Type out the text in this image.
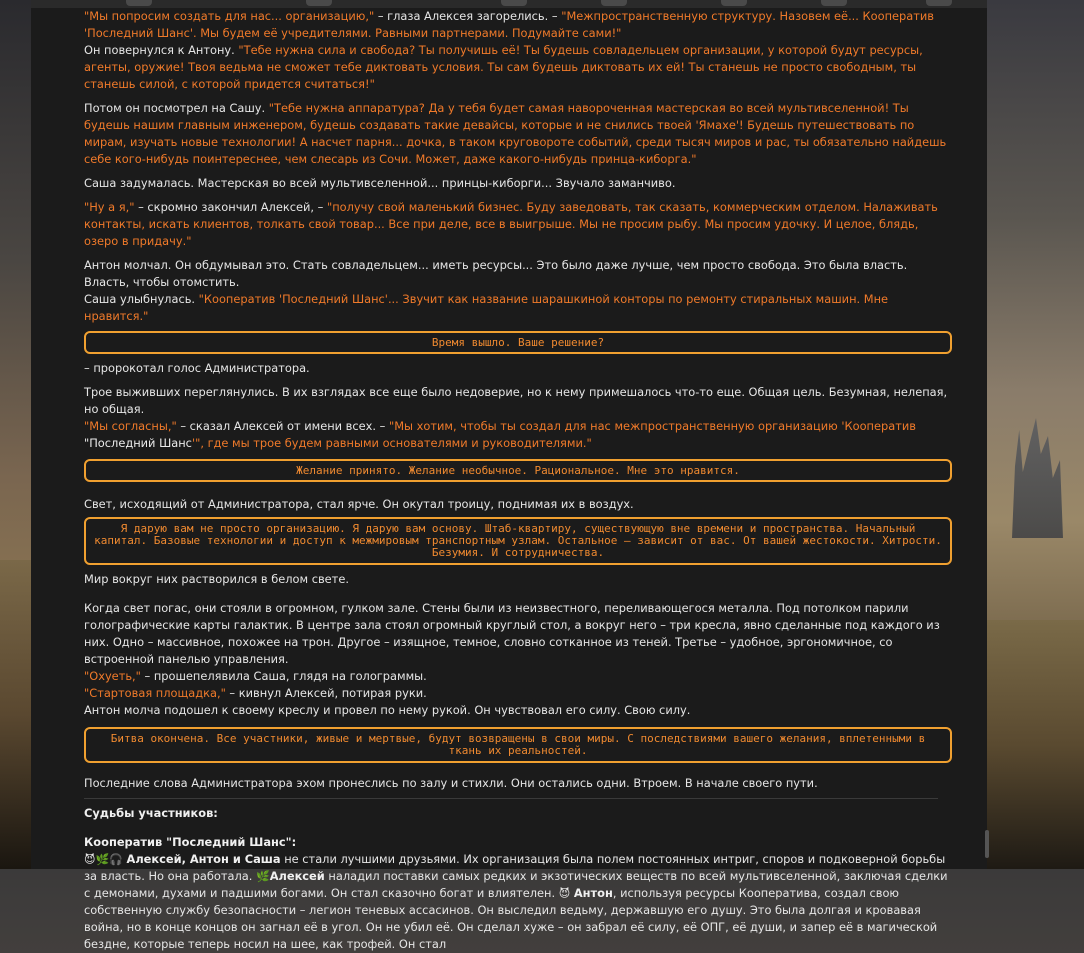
"Мы попросим создать для нас... организацию," – глаза Алексея загорелись. – "Межпространственную структуру. Назовем её... Кооператив 'Последний Шанс'. Мы будем её учредителями. Равными партнерами. Подумайте сами!"

Он повернулся к Антону. "Тебе нужна сила и свобода? Ты получишь её! Ты будешь совладельцем организации, у которой будут ресурсы, агенты, оружие! Твоя ведьма не сможет тебе диктовать условия. Ты сам будешь диктовать их ей! Ты станешь не просто свободным, ты станешь силой, с которой придется считаться!"

Потом он посмотрел на Сашу. "Тебе нужна аппаратура? Да у тебя будет самая навороченная мастерская во всей мультивселенной! Ты будешь нашим главным инженером, будешь создавать такие девайсы, которые и не снились твоей 'Ямахе'! Будешь путешествовать по мирам, изучать новые технологии! А насчет парня... дочка, в таком круговороте событий, среди тысяч миров и рас, ты обязательно найдешь себе кого-нибудь поинтереснее, чем слесарь из Сочи. Может, даже какого-нибудь принца-киборга."

Саша задумалась. Мастерская во всей мультивселенной... принцы-киборги... Звучало заманчиво.

"Ну а я," – скромно закончил Алексей, – "получу свой маленький бизнес. Буду заведовать, так сказать, коммерческим отделом. Налаживать контакты, искать клиентов, толкать свой товар... Все при деле, все в выигрыше. Мы не просим рыбу. Мы просим удочку. И целое, блядь, озеро в придачу."

Антон молчал. Он обдумывал это. Стать совладельцем... иметь ресурсы... Это было даже лучше, чем просто свобода. Это была власть. Власть, чтобы отомстить.

Саша улыбнулась. "Кооператив 'Последний Шанс'... Звучит как название шарашкиной конторы по ремонту стиральных машин. Мне нравится."

Время вышло. Ваше решение?

– пророкотал голос Администратора.

Трое выживших переглянулись. В их взглядах все еще было недоверие, но к нему примешалось что-то еще. Общая цель. Безумная, нелепая, но общая.

"Мы согласны," – сказал Алексей от имени всех. – "Мы хотим, чтобы ты создал для нас межпространственную организацию 'Кооператив "Последний Шанс'", где мы трое будем равными основателями и руководителями."

Желание принято. Желание необычное. Рациональное. Мне это нравится.

Свет, исходящий от Администратора, стал ярче. Он окутал троицу, поднимая их в воздух.

Я дарую вам не просто организацию. Я дарую вам основу. Штаб-квартиру, существующую вне времени и пространства. Начальный капитал. Базовые технологии и доступ к межмировым транспортным узлам. Остальное – зависит от вас. От вашей жестокости. Хитрости. Безумия. И сотрудничества.

Мир вокруг них растворился в белом свете.

Когда свет погас, они стояли в огромном, гулком зале. Стены были из неизвестного, переливающегося металла. Под потолком парили голографические карты галактик. В центре зала стоял огромный круглый стол, а вокруг него – три кресла, явно сделанные под каждого из них. Одно – массивное, похожее на трон. Другое – изящное, темное, словно сотканное из теней. Третье – удобное, эргономичное, со встроенной панелью управления.

"Охуеть," – прошепелявила Саша, глядя на голограммы.

"Стартовая площадка," – кивнул Алексей, потирая руки.

Антон молча подошел к своему креслу и провел по нему рукой. Он чувствовал его силу. Свою силу.

Битва окончена. Все участники, живые и мертвые, будут возвращены в свои миры. С последствиями вашего желания, вплетенными в ткань их реальностей.

Последние слова Администратора эхом пронеслись по залу и стихли. Они остались одни. Втроем. В начале своего пути.

Судьбы участников:

Кооператив "Последний Шанс":

😈🌿🎧 Алексей, Антон и Саша не стали лучшими друзьями. Их организация была полем постоянных интриг, споров и подковерной борьбы за власть. Но она работала. 🌿Алексей наладил поставки самых редких и экзотических веществ по всей мультивселенной, заключая сделки с демонами, духами и падшими богами. Он стал сказочно богат и влиятелен. 😈 Антон, используя ресурсы Кооператива, создал свою собственную службу безопасности – легион теневых ассасинов. Он выследил ведьму, державшую его душу. Это была долгая и кровавая война, но в конце концов он загнал её в угол. Он не убил её. Он сделал хуже – он забрал её силу, её ОПГ, её души, и запер её в магической бездне, которые теперь носил на шее, как трофей. Он стал
